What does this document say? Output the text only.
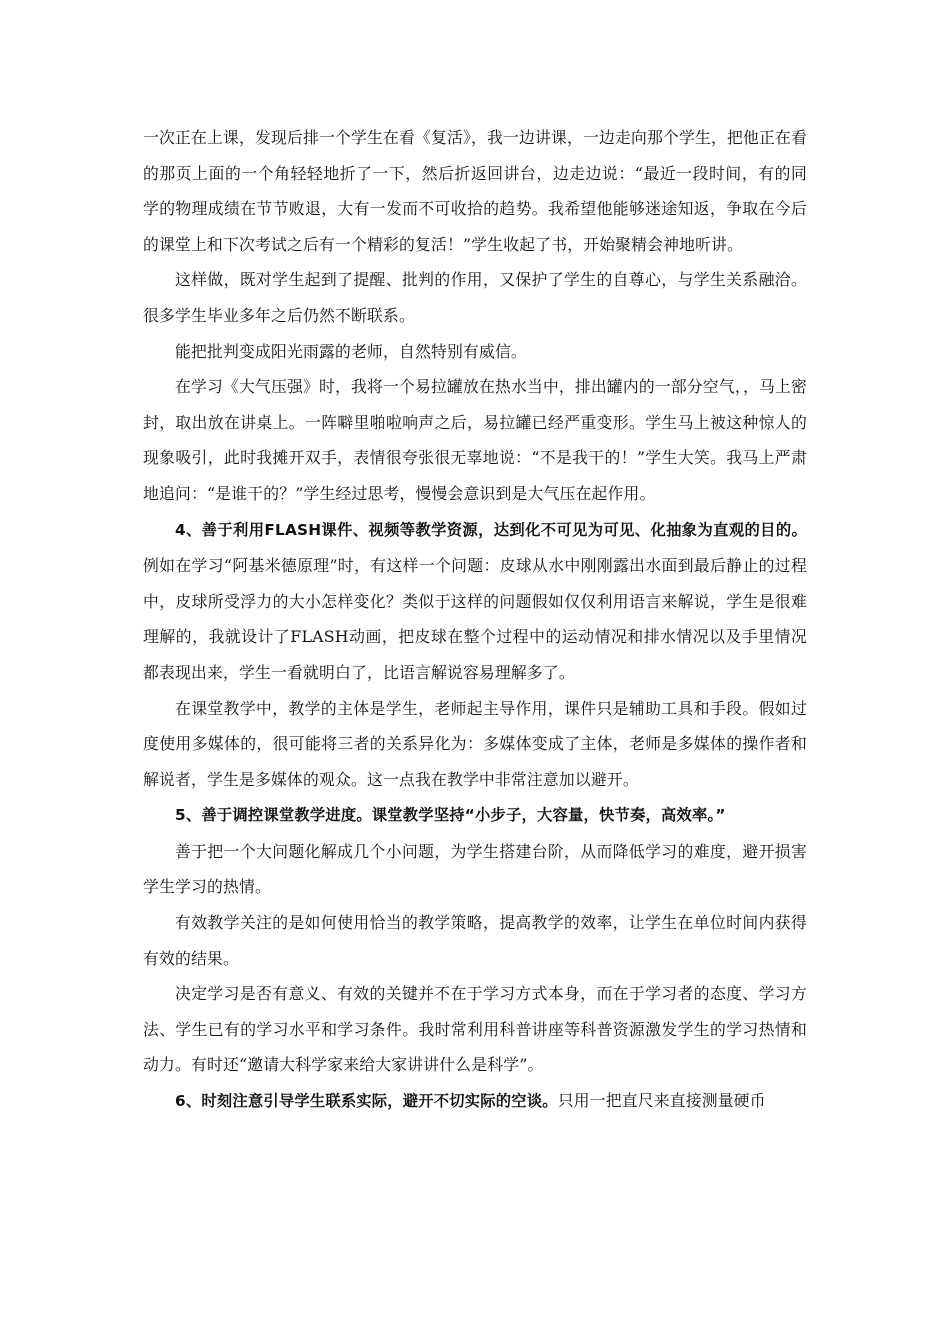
一次正在上课，发现后排一个学生在看《复活》，我一边讲课，一边走向那个学生，把他正在看的那页上面的一个角轻轻地折了一下，然后折返回讲台，边走边说：“最近一段时间，有的同学的物理成绩在节节败退，大有一发而不可收拾的趋势。我希望他能够迷途知返，争取在今后的课堂上和下次考试之后有一个精彩的复活！”学生收起了书，开始聚精会神地听讲。

这样做，既对学生起到了提醒、批判的作用，又保护了学生的自尊心，与学生关系融洽。很多学生毕业多年之后仍然不断联系。

能把批判变成阳光雨露的老师，自然特别有威信。

在学习《大气压强》时，我将一个易拉罐放在热水当中，排出罐内的一部分空气，，马上密封，取出放在讲桌上。一阵噼里啪啦响声之后，易拉罐已经严重变形。学生马上被这种惊人的现象吸引，此时我摊开双手，表情很夸张很无辜地说：“不是我干的！”学生大笑。我马上严肃地追问：“是谁干的？”学生经过思考，慢慢会意识到是大气压在起作用。

4、善于利用FLASH课件、视频等教学资源，达到化不可见为可见、化抽象为直观的目的。例如在学习“阿基米德原理”时，有这样一个问题：皮球从水中刚刚露出水面到最后静止的过程中，皮球所受浮力的大小怎样变化？类似于这样的问题假如仅仅利用语言来解说，学生是很难理解的，我就设计了FLASH动画，把皮球在整个过程中的运动情况和排水情况以及手里情况都表现出来，学生一看就明白了，比语言解说容易理解多了。

在课堂教学中，教学的主体是学生，老师起主导作用，课件只是辅助工具和手段。假如过度使用多媒体的，很可能将三者的关系异化为：多媒体变成了主体，老师是多媒体的操作者和解说者，学生是多媒体的观众。这一点我在教学中非常注意加以避开。

5、善于调控课堂教学进度。课堂教学坚持“小步子，大容量，快节奏，高效率。”

善于把一个大问题化解成几个小问题，为学生搭建台阶，从而降低学习的难度，避开损害学生学习的热情。

有效教学关注的是如何使用恰当的教学策略，提高教学的效率，让学生在单位时间内获得有效的结果。

决定学习是否有意义、有效的关键并不在于学习方式本身，而在于学习者的态度、学习方法、学生已有的学习水平和学习条件。我时常利用科普讲座等科普资源激发学生的学习热情和动力。有时还“邀请大科学家来给大家讲讲什么是科学”。

6、时刻注意引导学生联系实际，避开不切实际的空谈。只用一把直尺来直接测量硬币
